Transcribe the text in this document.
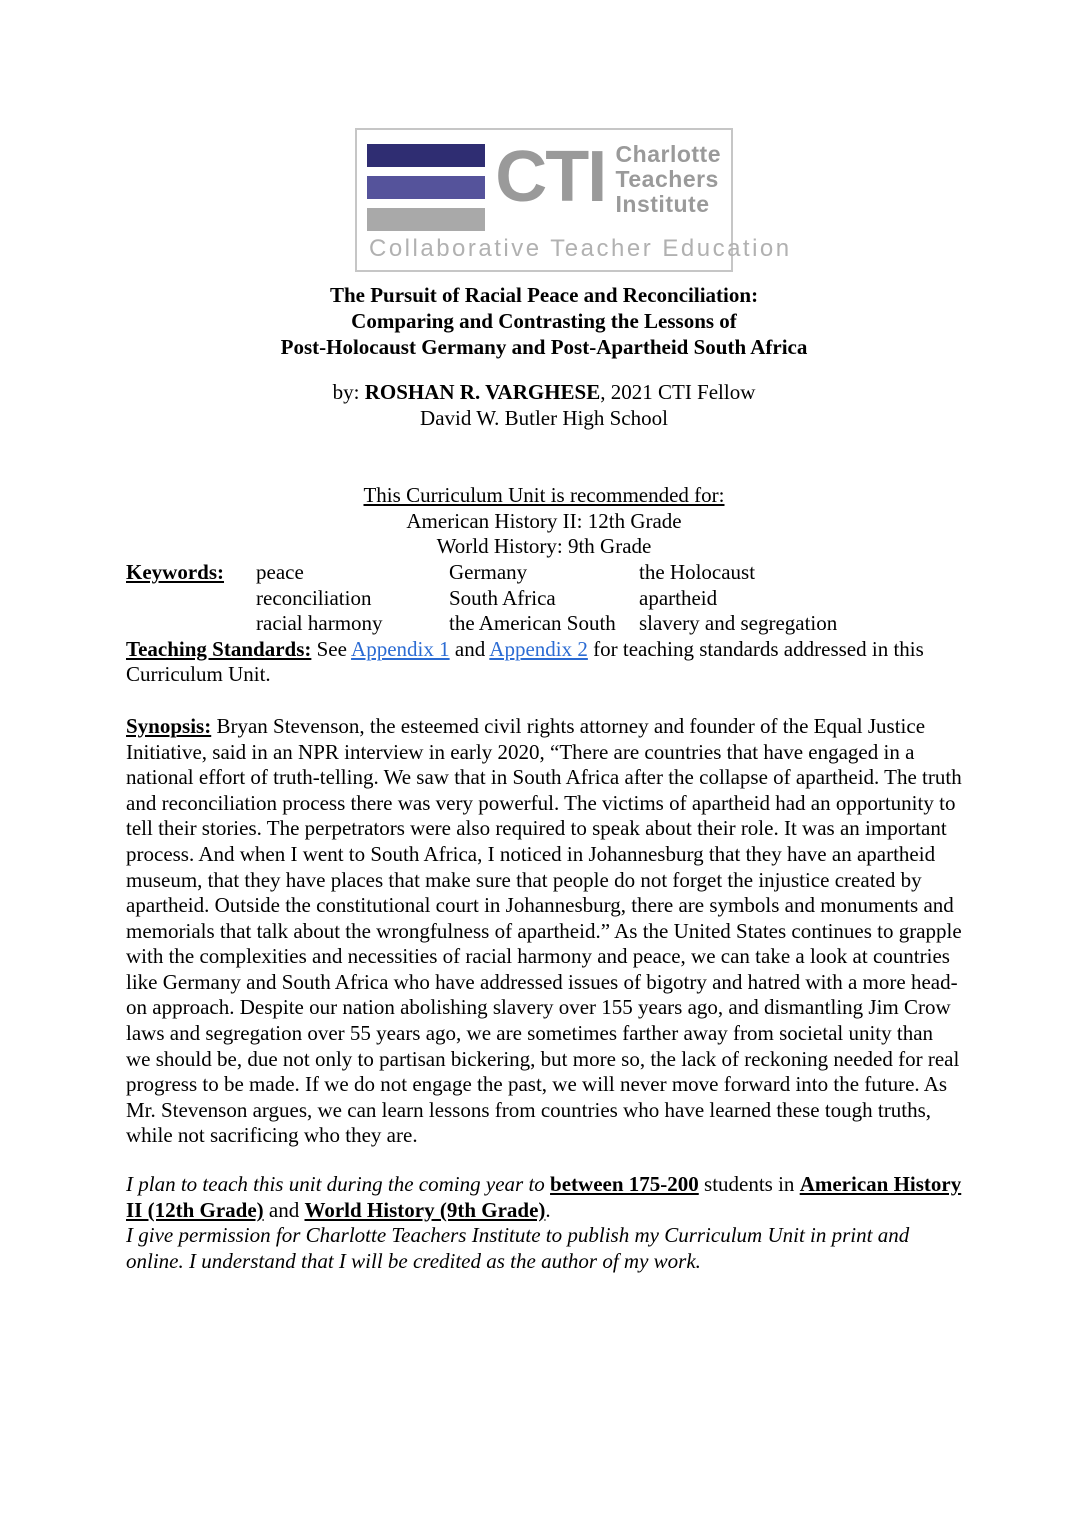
CTI Charlotte
Teachers
Institute
Collaborative Teacher Education
The Pursuit of Racial Peace and Reconciliation:
Comparing and Contrasting the Lessons of
Post-Holocaust Germany and Post-Apartheid South Africa
by: ROSHAN R. VARGHESE, 2021 CTI Fellow
David W. Butler High School
This Curriculum Unit is recommended for:
American History II: 12th Grade
World History: 9th Grade
Keywords:	peace
reconciliation
racial harmony
Germany
South Africa
the American South
the Holocaust
apartheid
slavery and segregation

Teaching Standards: See Appendix 1 and Appendix 2 for teaching standards addressed in this Curriculum Unit.

Synopsis: Bryan Stevenson, the esteemed civil rights attorney and founder of the Equal Justice Initiative, said in an NPR interview in early 2020, “There are countries that have engaged in a national effort of truth-telling. We saw that in South Africa after the collapse of apartheid. The truth and reconciliation process there was very powerful. The victims of apartheid had an opportunity to tell their stories. The perpetrators were also required to speak about their role. It was an important process. And when I went to South Africa, I noticed in Johannesburg that they have an apartheid museum, that they have places that make sure that people do not forget the injustice created by apartheid. Outside the constitutional court in Johannesburg, there are symbols and monuments and memorials that talk about the wrongfulness of apartheid.” As the United States continues to grapple with the complexities and necessities of racial harmony and peace, we can take a look at countries like Germany and South Africa who have addressed issues of bigotry and hatred with a more head-on approach. Despite our nation abolishing slavery over 155 years ago, and dismantling Jim Crow laws and segregation over 55 years ago, we are sometimes farther away from societal unity than we should be, due not only to partisan bickering, but more so, the lack of reckoning needed for real progress to be made. If we do not engage the past, we will never move forward into the future. As Mr. Stevenson argues, we can learn lessons from countries who have learned these tough truths, while not sacrificing who they are.

I plan to teach this unit during the coming year to between 175-200 students in American History II (12th Grade) and World History (9th Grade).

I give permission for Charlotte Teachers Institute to publish my Curriculum Unit in print and online. I understand that I will be credited as the author of my work.
